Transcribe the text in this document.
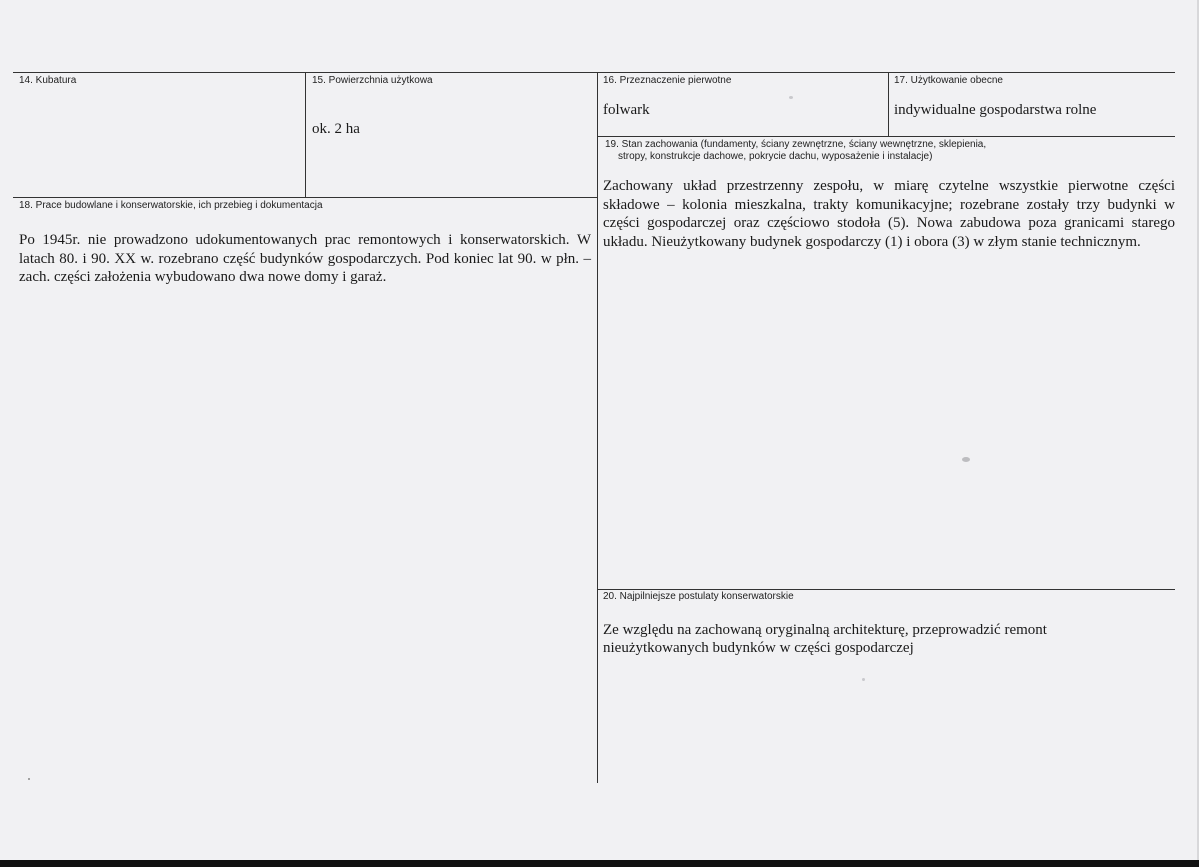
14. Kubatura	15. Powierzchnia użytkowa
ok. 2 ha
16. Przeznaczenie pierwotne
folwark
17. Użytkowanie obecne
indywidualne gospodarstwa rolne
18. Prace budowlane i konserwatorskie, ich przebieg i dokumentacja
Po 1945r. nie prowadzono udokumentowanych prac remontowych i konserwatorskich. W latach 80. i 90. XX w. rozebrano część budynków gospodarczych. Pod koniec lat 90. w płn. – zach. części założenia wybudowano dwa nowe domy i garaż.
19. Stan zachowania (fundamenty, ściany zewnętrzne, ściany wewnętrzne, sklepienia,
stropy, konstrukcje dachowe, pokrycie dachu, wyposażenie i instalacje)
Zachowany układ przestrzenny zespołu, w miarę czytelne wszystkie pierwotne części składowe – kolonia mieszkalna, trakty komunikacyjne; rozebrane zostały trzy budynki w części gospodarczej oraz częściowo stodoła (5). Nowa zabudowa poza granicami starego układu. Nieużytkowany budynek gospodarczy (1) i obora (3) w złym stanie technicznym.
20. Najpilniejsze postulaty konserwatorskie
Ze względu na zachowaną oryginalną architekturę, przeprowadzić remont nieużytkowanych budynków w części gospodarczej
